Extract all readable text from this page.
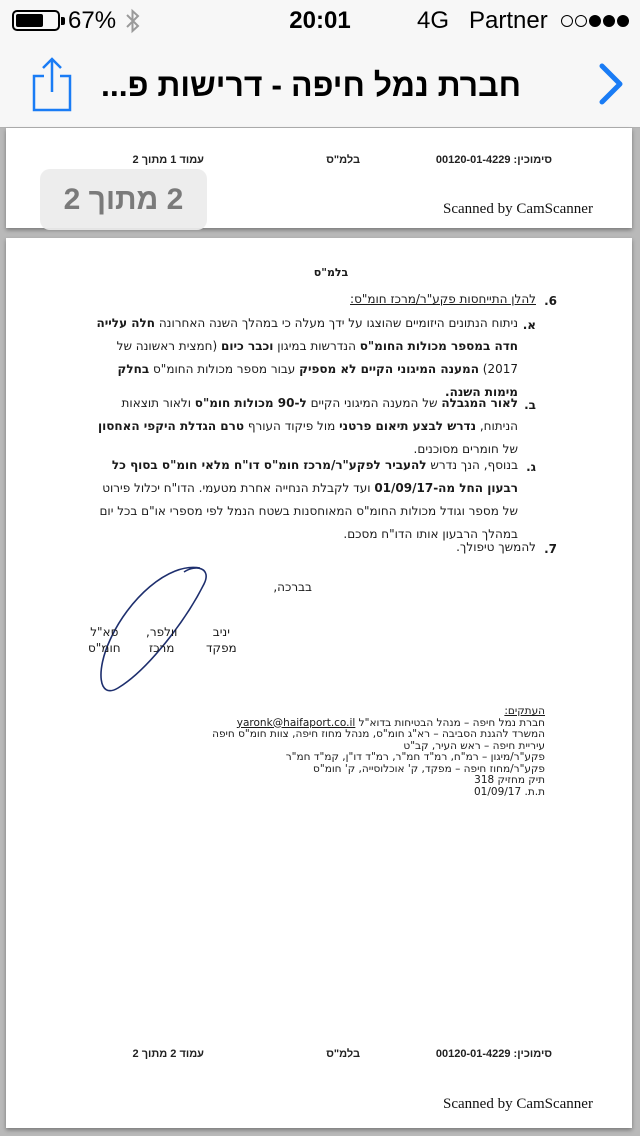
67%	20:01	4G Partner
חברת נמל חיפה - דרישות פ...
סימוכין: 00120-01-4229
בלמ"ס
עמוד 1 מתוך 2
Scanned by CamScanner
בלמ"ס
6.
להלן התייחסות פקע"ר/מרכז חומ"ס:
א.
ניתוח הנתונים היזומיים שהוצגו על ידך מעלה כי במהלך השנה האחרונה חלה עלייה חדה במספר מכולות החומ"ס הנדרשות במיגון וכבר כיום (חמצית ראשונה של 2017) המענה המיגוני הקיים לא מספיק עבור מספר מכולות החומ"ס בחלק מימות השנה.
ב.
לאור המגבלה של המענה המיגוני הקיים ל-90 מכולות חומ"ס ולאור תוצאות הניתוח, נדרש לבצע תיאום פרטני מול פיקוד העורף טרם הגדלת היקפי האחסון של חומרים מסוכנים.
ג.
בנוסף, הנך נדרש להעביר לפקע"ר/מרכז חומ"ס דו"ח מלאי חומ"ס בסוף כל רבעון החל מה-01/09/17 ועד לקבלת הנחייה אחרת מטעמי. הדו"ח יכלול פירוט של מספר וגודל מכולות החומ"ס המאוחסנות בשטח הנמל לפי מספרי או"ם בכל יום במהלך הרבעון אותו הדו"ח מסכם.
7.
להמשך טיפולך.
בברכה,
יניב
מפקד
וולפר,
מרכז
סא"ל
חומ"ס
העתקים:
חברת נמל חיפה – מנהל הבטיחות בדוא"ל yaronk@haifaport.co.il
המשרד להגנת הסביבה – רא"ג חומ"ס, מנהל מחוז חיפה, צוות חומ"ס חיפה
עיריית חיפה – ראש העיר, קב"ט
פקע"ר/מיגון – רמ"ח, רמ"ד חמ"ר, רמ"ד דו"ן, קמ"ד חמ"ר
פקע"ר/מחוז חיפה – מפקד, ק' אוכלוסייה, ק' חומ"ס
תיק מחזיק 318
ת.ת. 01/09/17
סימוכין: 00120-01-4229
בלמ"ס
עמוד 2 מתוך 2
Scanned by CamScanner
2 מתוך 2
